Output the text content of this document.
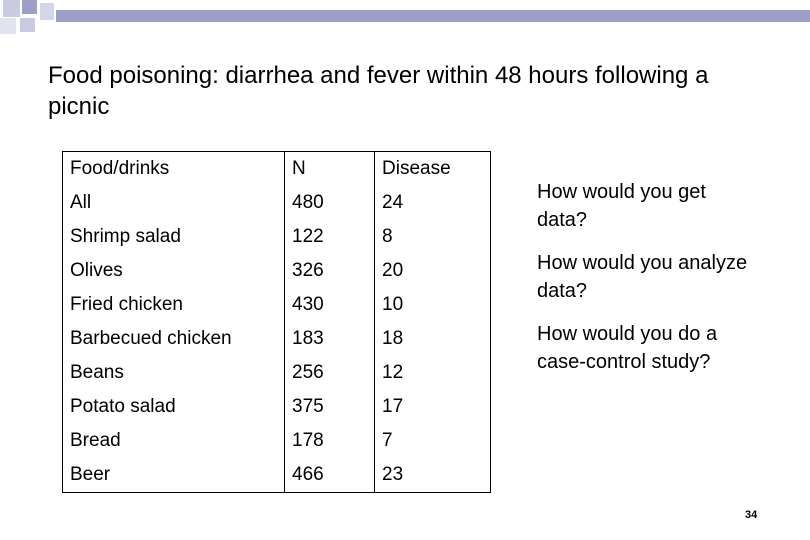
Food poisoning: diarrhea and fever within 48 hours following a picnic
Food/drinks	N	Disease
All	480	24
Shrimp salad	122	8
Olives	326	20
Fried chicken	430	10
Barbecued chicken	183	18
Beans	256	12
Potato salad	375	17
Bread	178	7
Beer	466	23

How would you get data?

How would you analyze data?

How would you do a case-control study?

34
